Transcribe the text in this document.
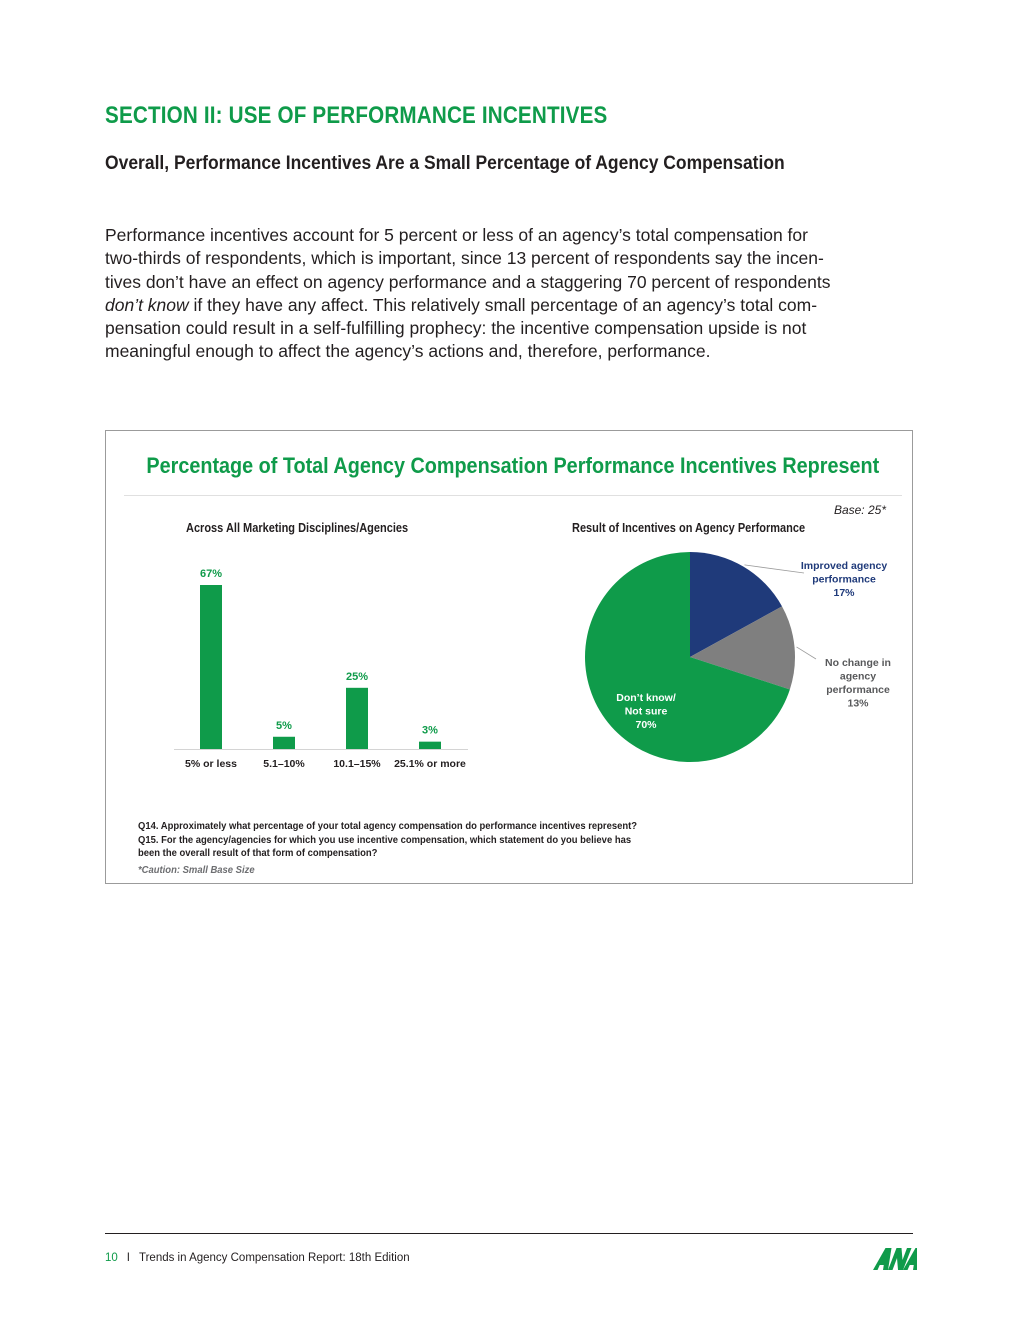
SECTION II: USE OF PERFORMANCE INCENTIVES
Overall, Performance Incentives Are a Small Percentage of Agency Compensation

Performance incentives account for 5 percent or less of an agency’s total compensation for
two-thirds of respondents, which is important, since 13 percent of respondents say the incen-
tives don’t have an effect on agency performance and a staggering 70 percent of respondents
don’t know if they have any affect. This relatively small percentage of an agency’s total com-
pensation could result in a self-fulfilling prophecy: the incentive compensation upside is not
meaningful enough to affect the agency’s actions and, therefore, performance.

Percentage of Total Agency Compensation Performance Incentives Represent
Base: 25*
Across All Marketing Disciplines/Agencies	Result of Incentives on Agency Performance
67%
5% or less
5%
5.1–10%
25%
10.1–15%
3%
25.1% or more
Improved agency
performance
17%
No change in
agency
performance
13%
Don’t know/
Not sure
70%
Q14. Approximately what percentage of your total agency compensation do performance incentives represent?
Q15. For the agency/agencies for which you use incentive compensation, which statement do you believe has
been the overall result of that form of compensation?
*Caution: Small Base Size
10 I Trends in Agency Compensation Report: 18th Edition
